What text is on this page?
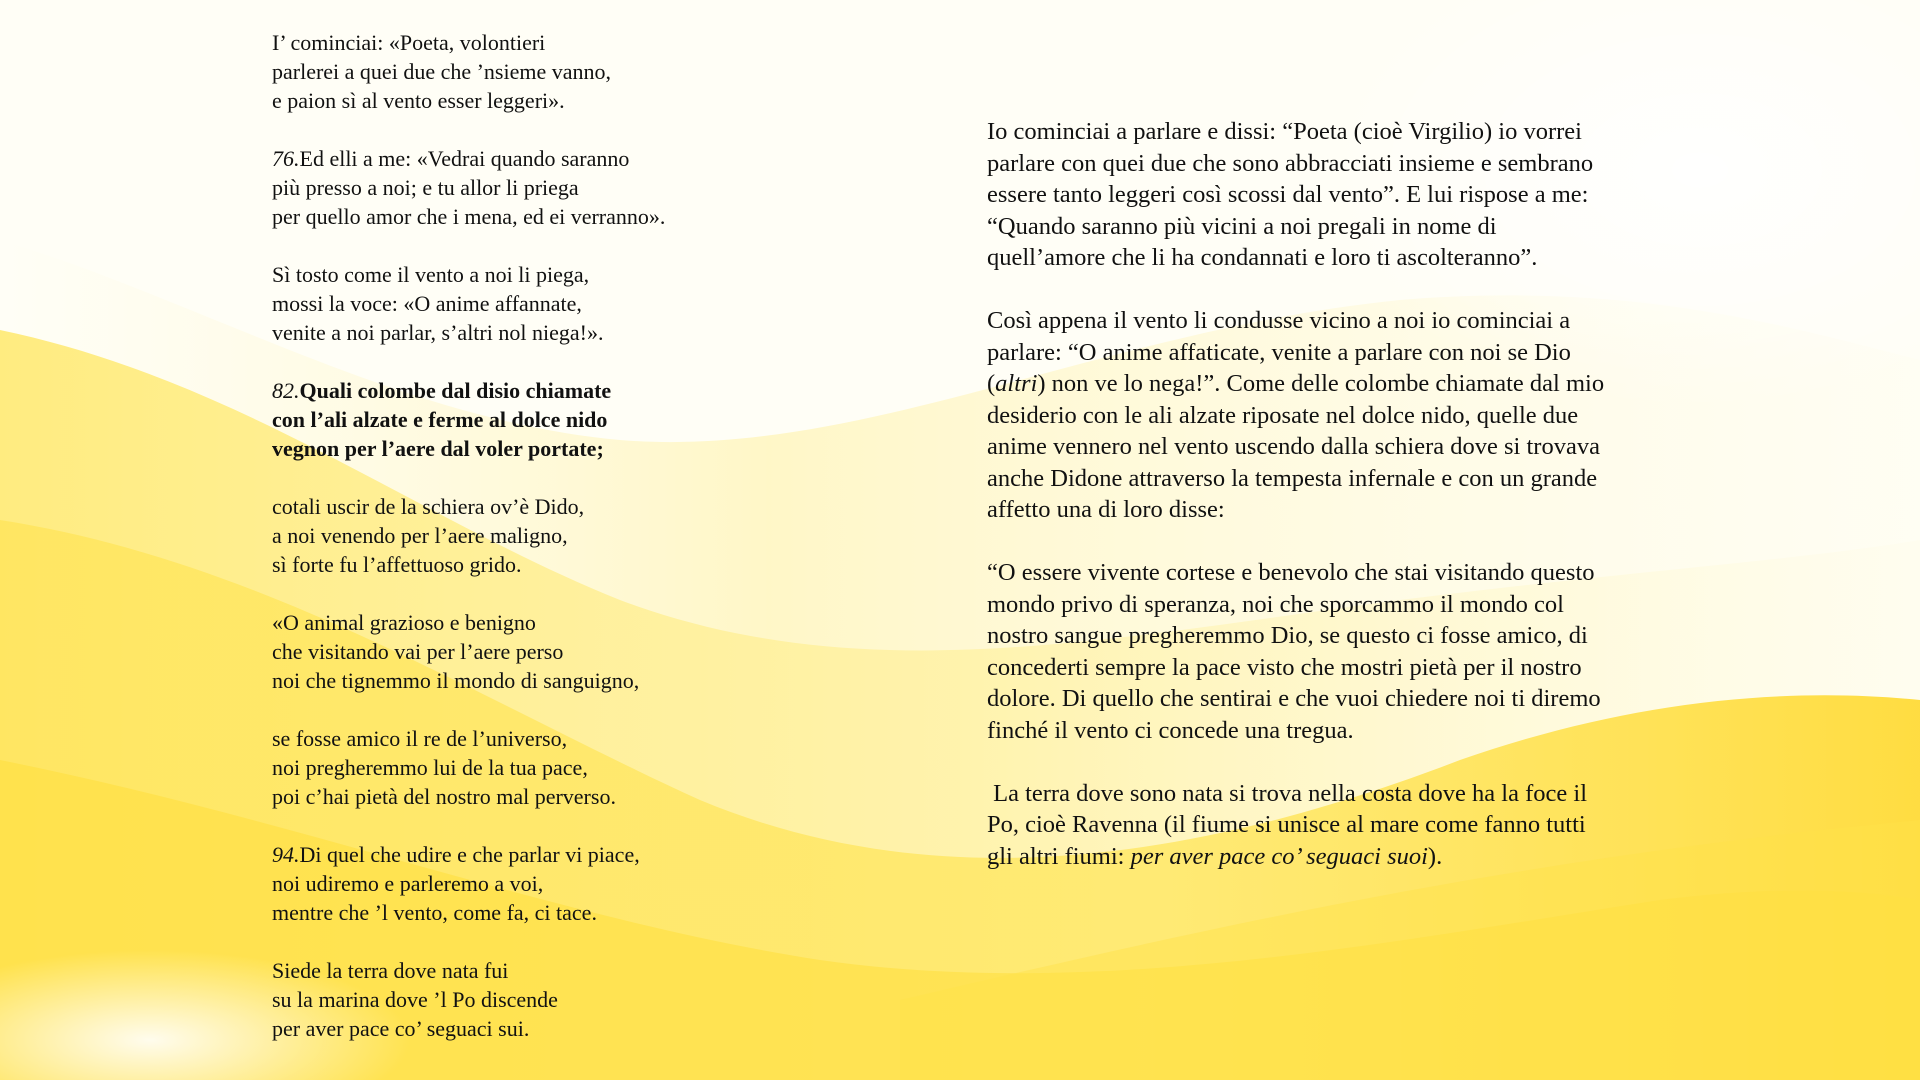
I’ cominciai: «Poeta, volontieri
parlerei a quei due che ’nsieme vanno,
e paion sì al vento esser leggeri».
76.Ed elli a me: «Vedrai quando saranno
più presso a noi; e tu allor li priega
per quello amor che i mena, ed ei verranno».
Sì tosto come il vento a noi li piega,
mossi la voce: «O anime affannate,
venite a noi parlar, s’altri nol niega!».
82.Quali colombe dal disio chiamate
con l’ali alzate e ferme al dolce nido
vegnon per l’aere dal voler portate;
cotali uscir de la schiera ov’è Dido,
a noi venendo per l’aere maligno,
sì forte fu l’affettuoso grido.
«O animal grazioso e benigno
che visitando vai per l’aere perso
noi che tignemmo il mondo di sanguigno,
se fosse amico il re de l’universo,
noi pregheremmo lui de la tua pace,
poi c’hai pietà del nostro mal perverso.
94.Di quel che udire e che parlar vi piace,
noi udiremo e parleremo a voi,
mentre che ’l vento, come fa, ci tace.
Siede la terra dove nata fui
su la marina dove ’l Po discende
per aver pace co’ seguaci sui.

Io cominciai a parlare e dissi: “Poeta (cioè Virgilio) io vorrei parlare con quei due che sono abbracciati insieme e sembrano essere tanto leggeri così scossi dal vento”. E lui rispose a me: “Quando saranno più vicini a noi pregali in nome di quell’amore che li ha condannati e loro ti ascolteranno”.

Così appena il vento li condusse vicino a noi io cominciai a parlare: “O anime affaticate, venite a parlare con noi se Dio (altri) non ve lo nega!”. Come delle colombe chiamate dal mio desiderio con le ali alzate riposate nel dolce nido, quelle due anime vennero nel vento uscendo dalla schiera dove si trovava anche Didone attraverso la tempesta infernale e con un grande affetto una di loro disse:

“O essere vivente cortese e benevolo che stai visitando questo mondo privo di speranza, noi che sporcammo il mondo col nostro sangue pregheremmo Dio, se questo ci fosse amico, di concederti sempre la pace visto che mostri pietà per il nostro dolore. Di quello che sentirai e che vuoi chiedere noi ti diremo finché il vento ci concede una tregua.

La terra dove sono nata si trova nella costa dove ha la foce il Po, cioè Ravenna (il fiume si unisce al mare come fanno tutti gli altri fiumi: per aver pace co’ seguaci suoi).
